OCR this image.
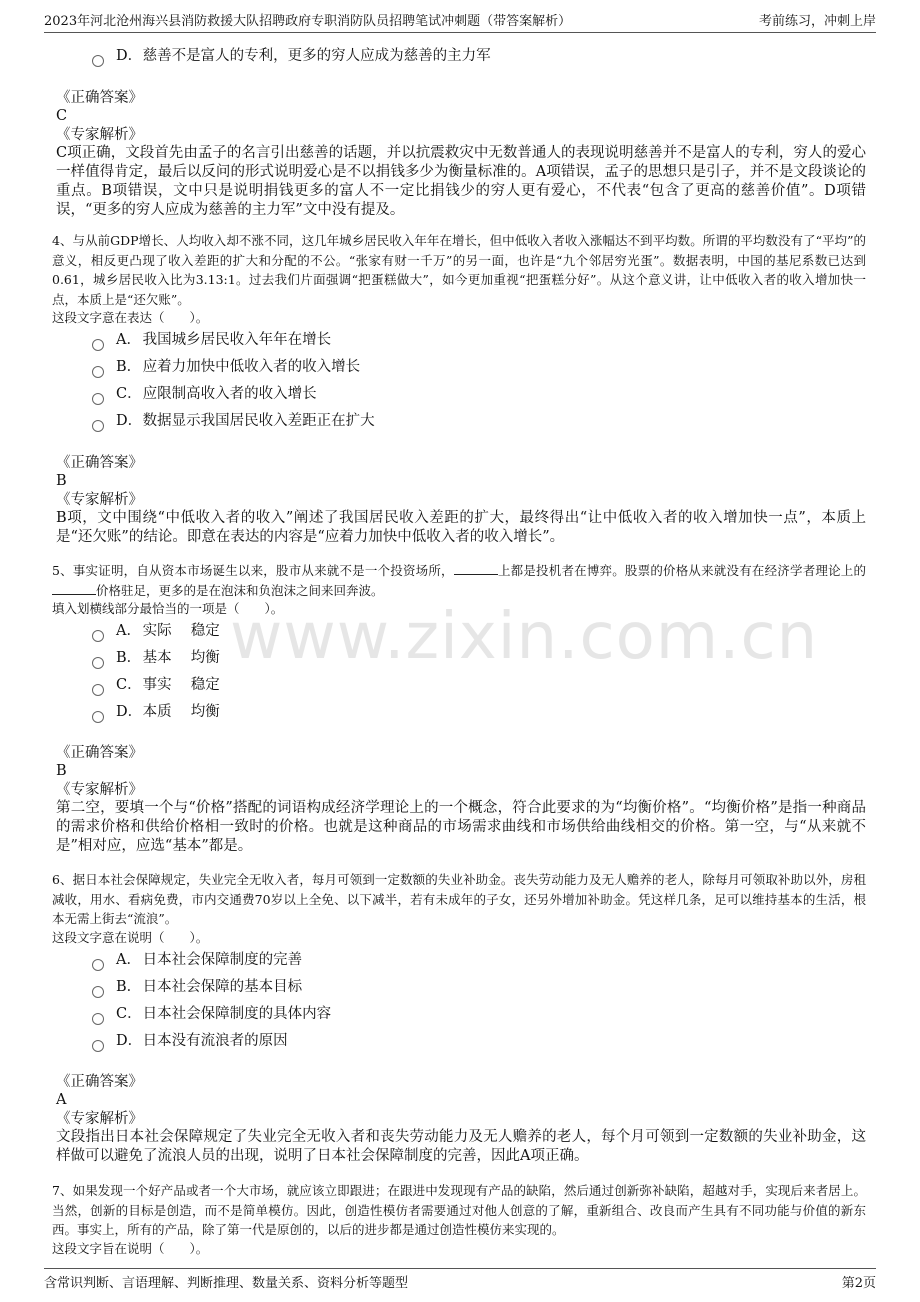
2023年河北沧州海兴县消防救援大队招聘政府专职消防队员招聘笔试冲刺题（带答案解析）	考前练习，冲刺上岸
www.zixin.com.cn
D． 慈善不是富人的专利，更多的穷人应成为慈善的主力军
《正确答案》
C
《专家解析》
C项正确，文段首先由孟子的名言引出慈善的话题，并以抗震救灾中无数普通人的表现说明慈善并不是富人的专利，穷人的爱心一样值得肯定，最后以反问的形式说明爱心是不以捐钱多少为衡量标准的。A项错误，孟子的思想只是引子，并不是文段谈论的重点。B项错误，文中只是说明捐钱更多的富人不一定比捐钱少的穷人更有爱心，不代表“包含了更高的慈善价值”。D项错误，“更多的穷人应成为慈善的主力军”文中没有提及。
4、与从前GDP增长、人均收入却不涨不同，这几年城乡居民收入年年在增长，但中低收入者收入涨幅达不到平均数。所谓的平均数没有了“平均”的意义，相反更凸现了收入差距的扩大和分配的不公。“张家有财一千万”的另一面，也许是“九个邻居穷光蛋”。数据表明，中国的基尼系数已达到0.61，城乡居民收入比为3.13:1。过去我们片面强调“把蛋糕做大”，如今更加重视“把蛋糕分好”。从这个意义讲，让中低收入者的收入增加快一点，本质上是“还欠账”。
这段文字意在表达（　　）。
A． 我国城乡居民收入年年在增长
B． 应着力加快中低收入者的收入增长
C． 应限制高收入者的收入增长
D． 数据显示我国居民收入差距正在扩大
《正确答案》
B
《专家解析》
B项，文中围绕“中低收入者的收入”阐述了我国居民收入差距的扩大，最终得出“让中低收入者的收入增加快一点”，本质上是“还欠账”的结论。即意在表达的内容是“应着力加快中低收入者的收入增长”。
5、事实证明，自从资本市场诞生以来，股市从来就不是一个投资场所，	上都是投机者在博弈。股票的价格从来就没有在经济学者理论上的价格驻足，更多的是在泡沫和负泡沫之间来回奔波。
填入划横线部分最恰当的一项是（　　）。
A． 实际　 稳定
B． 基本　 均衡
C． 事实　 稳定
D． 本质　 均衡
《正确答案》
B
《专家解析》
第二空，要填一个与“价格”搭配的词语构成经济学理论上的一个概念，符合此要求的为“均衡价格”。“均衡价格”是指一种商品的需求价格和供给价格相一致时的价格。也就是这种商品的市场需求曲线和市场供给曲线相交的价格。第一空，与“从来就不是”相对应，应选“基本”都是。
6、据日本社会保障规定，失业完全无收入者，每月可领到一定数额的失业补助金。丧失劳动能力及无人赡养的老人，除每月可领取补助以外，房租减收，用水、看病免费，市内交通费70岁以上全免、以下减半，若有未成年的子女，还另外增加补助金。凭这样几条，足可以维持基本的生活，根本无需上街去“流浪”。
这段文字意在说明（　　）。
A． 日本社会保障制度的完善
B． 日本社会保障的基本目标
C． 日本社会保障制度的具体内容
D． 日本没有流浪者的原因
《正确答案》
A
《专家解析》
文段指出日本社会保障规定了失业完全无收入者和丧失劳动能力及无人赡养的老人，每个月可领到一定数额的失业补助金，这样做可以避免了流浪人员的出现，说明了日本社会保障制度的完善，因此A项正确。
7、如果发现一个好产品或者一个大市场，就应该立即跟进；在跟进中发现现有产品的缺陷，然后通过创新弥补缺陷，超越对手，实现后来者居上。当然，创新的目标是创造，而不是简单模仿。因此，创造性模仿者需要通过对他人创意的了解，重新组合、改良而产生具有不同功能与价值的新东西。事实上，所有的产品，除了第一代是原创的，以后的进步都是通过创造性模仿来实现的。
这段文字旨在说明（　　）。
含常识判断、言语理解、判断推理、数量关系、资料分析等题型	第2页
